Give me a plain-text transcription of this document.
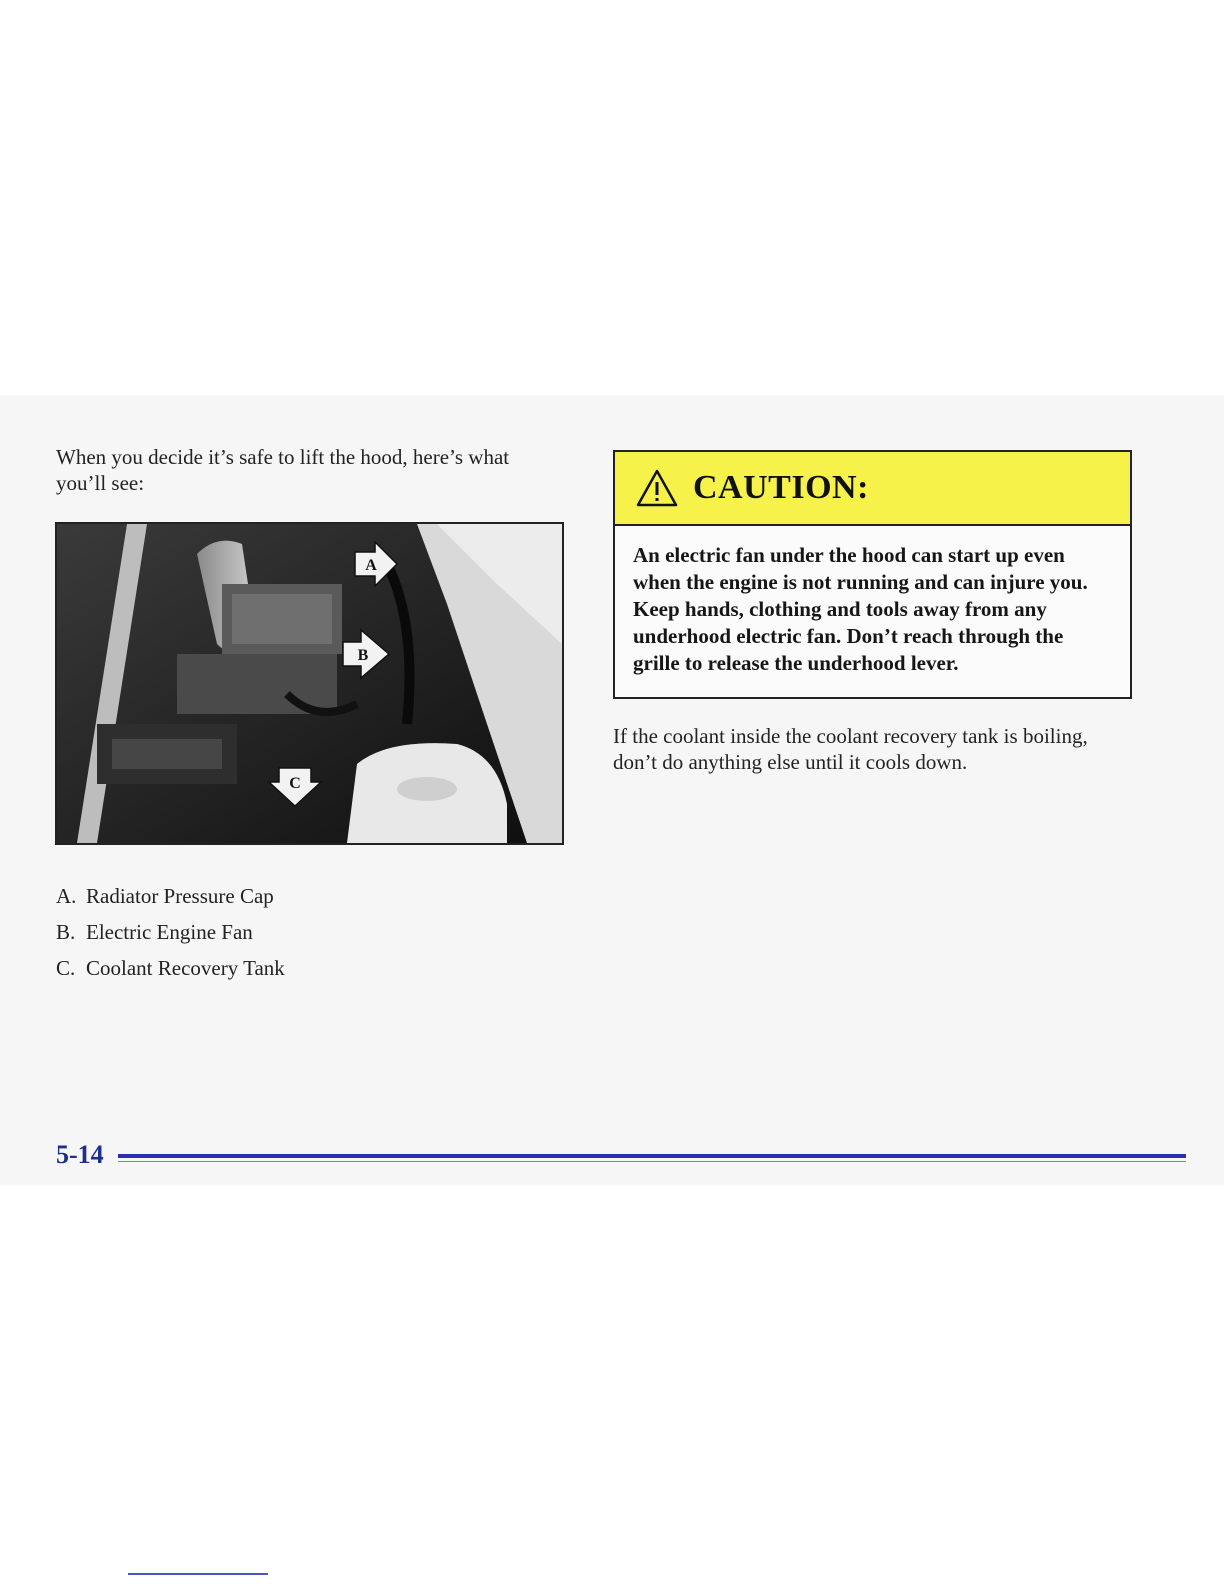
When you decide it’s safe to lift the hood, here’s what you’ll see:

A
B
C
A. Radiator Pressure Cap
B. Electric Engine Fan
C. Coolant Recovery Tank
CAUTION:
An electric fan under the hood can start up even when the engine is not running and can injure you. Keep hands, clothing and tools away from any underhood electric fan. Don’t reach through the grille to release the underhood lever.

If the coolant inside the coolant recovery tank is boiling, don’t do anything else until it cools down.

5-14
